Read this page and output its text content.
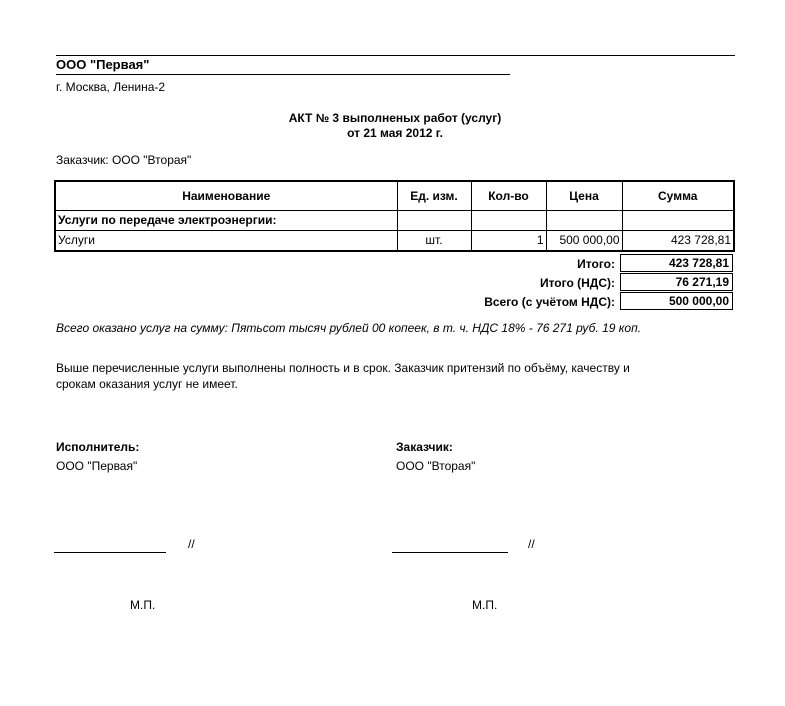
ООО "Первая"
г. Москва, Ленина-2
АКТ № 3 выполненых работ (услуг)
от 21 мая 2012 г.
Заказчик: ООО "Вторая"
Наименование	Ед. изм.	Кол-во	Цена	Сумма
Услуги по передаче электроэнергии:				
Услуги	шт.	1	500 000,00	423 728,81
Итого:	423 728,81
Итого (НДС):	76 271,19
Всего (с учётом НДС):	500 000,00
Всего оказано услуг на сумму: Пятьсот тысяч рублей 00 копеек, в т. ч. НДС 18% - 76 271 руб. 19 коп.
Выше перечисленные услуги выполнены полность и в срок. Заказчик притензий по объёму, качеству и
срокам оказания услуг не имеет.
Исполнитель:
ООО "Первая"
Заказчик:
ООО "Вторая"
//	//
М.П.	М.П.
